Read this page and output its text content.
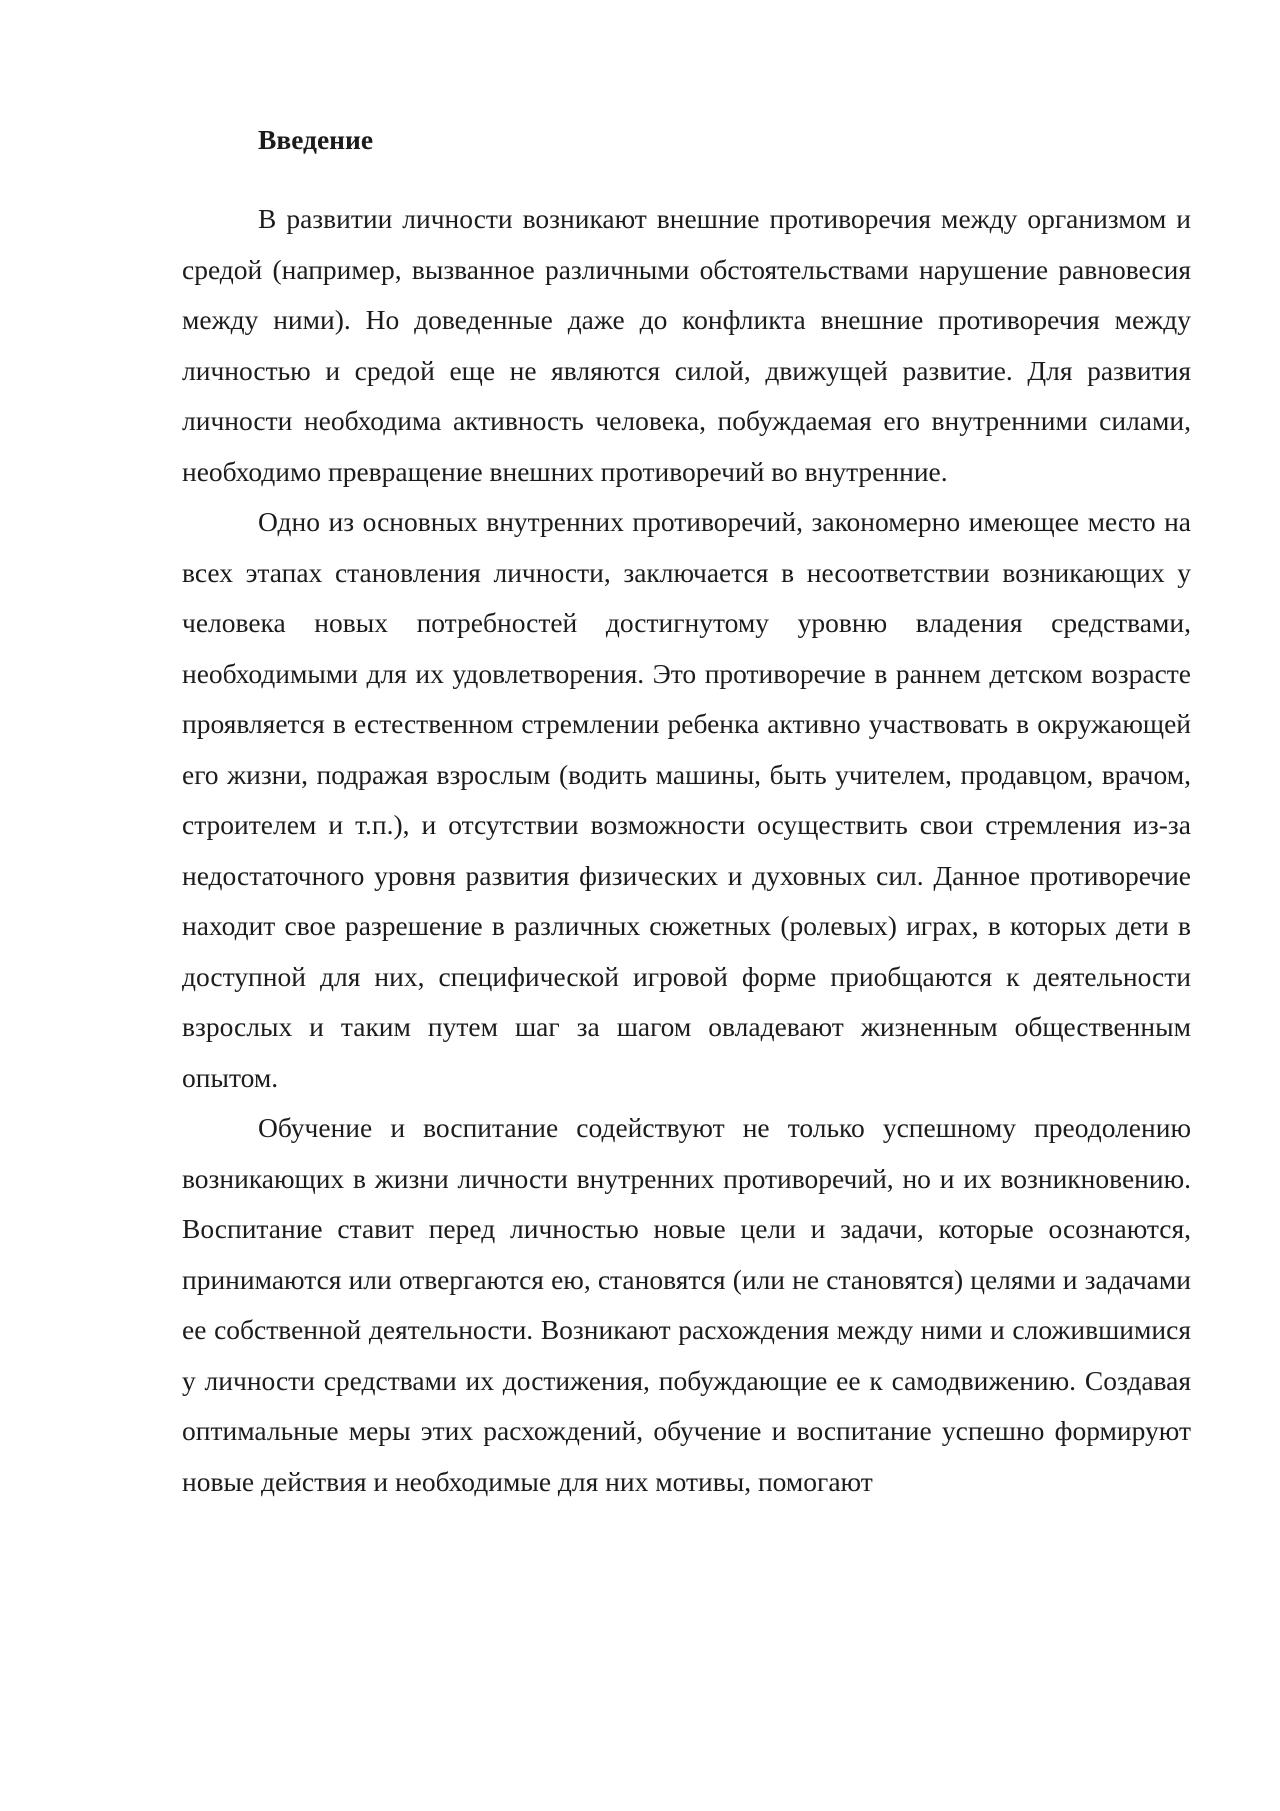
Введение

В развитии личности возникают внешние противоречия между организмом и средой (например, вызванное различными обстоятельствами нарушение равновесия между ними). Но доведенные даже до конфликта внешние противоречия между личностью и средой еще не являются силой, движущей развитие. Для развития личности необходима активность человека, побуждаемая его внутренними силами, необходимо превращение внешних противоречий во внутренние.

Одно из основных внутренних противоречий, закономерно имеющее место на всех этапах становления личности, заключается в несоответствии возникающих у человека новых потребностей достигнутому уровню владения средствами, необходимыми для их удовлетворения. Это противоречие в раннем детском возрасте проявляется в естественном стремлении ребенка активно участвовать в окружающей его жизни, подражая взрослым (водить машины, быть учителем, продавцом, врачом, строителем и т.п.), и отсутствии возможности осуществить свои стремления из-за недостаточного уровня развития физических и духовных сил. Данное противоречие находит свое разрешение в различных сюжетных (ролевых) играх, в которых дети в доступной для них, специфической игровой форме приобщаются к деятельности взрослых и таким путем шаг за шагом овладевают жизненным общественным опытом.

Обучение и воспитание содействуют не только успешному преодолению возникающих в жизни личности внутренних противоречий, но и их возникновению. Воспитание ставит перед личностью новые цели и задачи, которые осознаются, принимаются или отвергаются ею, становятся (или не становятся) целями и задачами ее собственной деятельности. Возникают расхождения между ними и сложившимися у личности средствами их достижения, побуждающие ее к самодвижению. Создавая оптимальные меры этих расхождений, обучение и воспитание успешно формируют новые действия и необходимые для них мотивы, помогают
